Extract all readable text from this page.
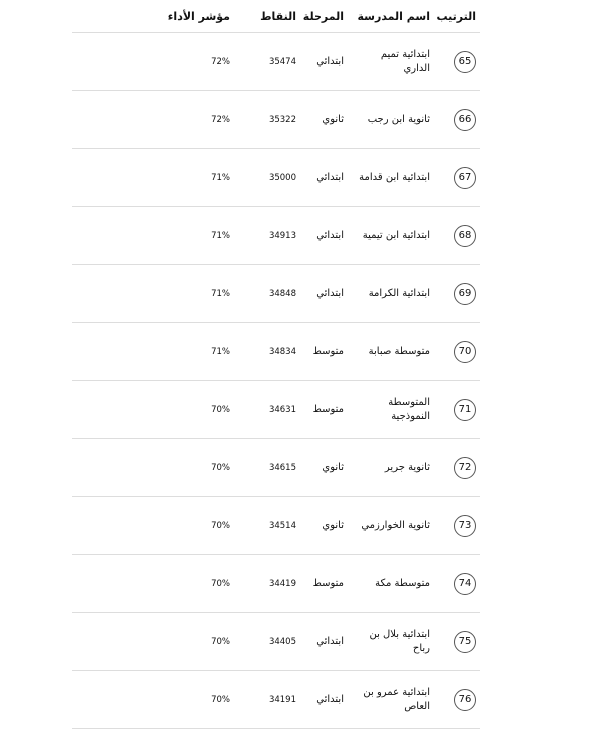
الترتيب	اسم المدرسة	المرحلة	النقاط	مؤشر الأداء
65	ابتدائية تميم الداري	ابتدائي	35474	72%
66	ثانوية ابن رجب	ثانوي	35322	72%
67	ابتدائية ابن قدامة	ابتدائي	35000	71%
68	ابتدائية ابن تيمية	ابتدائي	34913	71%
69	ابتدائية الكرامة	ابتدائي	34848	71%
70	متوسطة صبابة	متوسط	34834	71%
71	المتوسطة النموذجية	متوسط	34631	70%
72	ثانوية جرير	ثانوي	34615	70%
73	ثانوية الخوارزمي	ثانوي	34514	70%
74	متوسطة مكة	متوسط	34419	70%
75	ابتدائية بلال بن رباح	ابتدائي	34405	70%
76	ابتدائية عمرو بن العاص	ابتدائي	34191	70%
